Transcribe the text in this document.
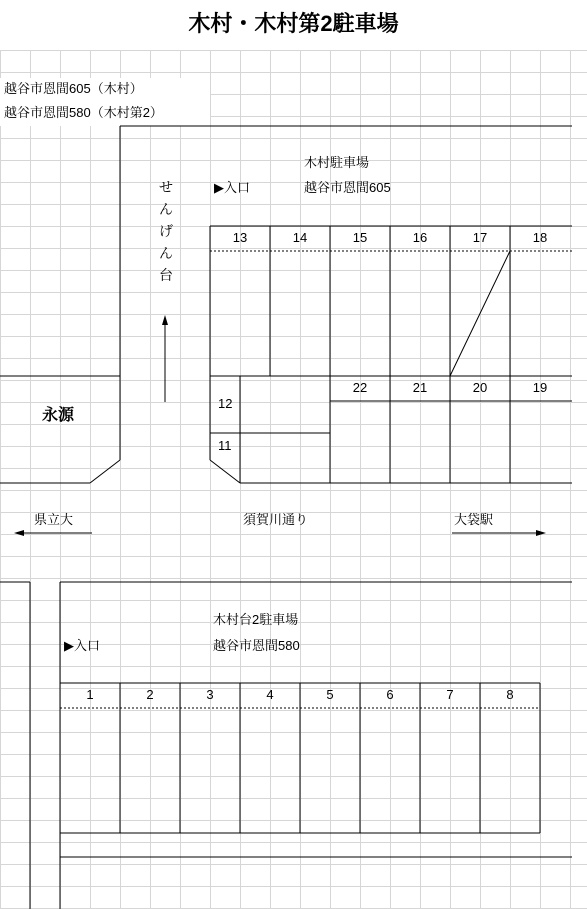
木村・木村第2駐車場
越谷市恩間605（木村）
越谷市恩間580（木村第2）
木村駐車場
越谷市恩間605
▶入口
せ
ん
げ
ん
台
13	14	15	16	17	18
12
11
22	21	20	19
永源
県立大	須賀川通り	大袋駅
木村台2駐車場
越谷市恩間580
▶入口
1	2	3	4	5	6	7	8
